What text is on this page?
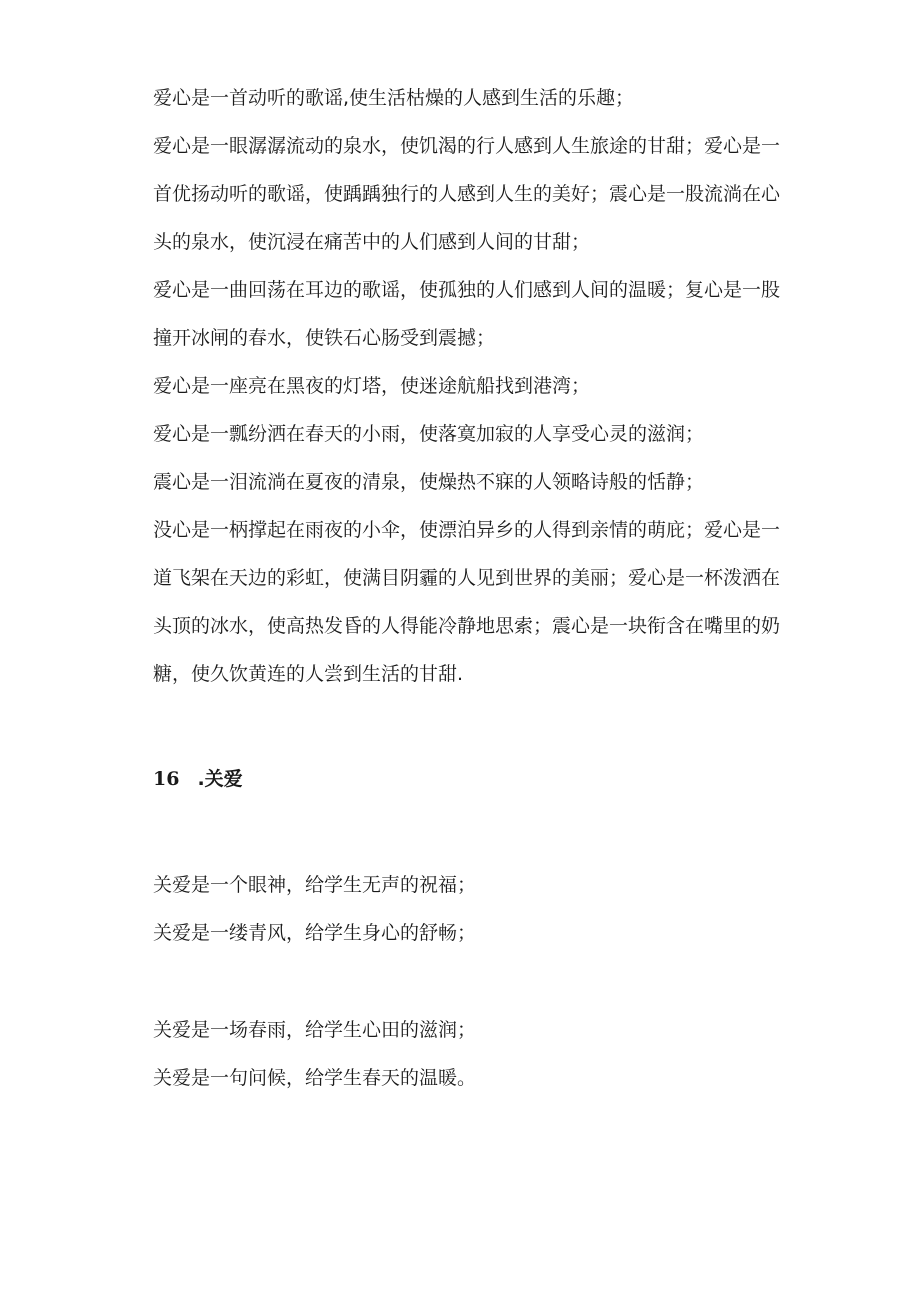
爱心是一首动听的歌谣,使生活枯燥的人感到生活的乐趣；

爱心是一眼潺潺流动的泉水，使饥渴的行人感到人生旅途的甘甜；爱心是一

首优扬动听的歌谣，使踽踽独行的人感到人生的美好；震心是一股流淌在心

头的泉水，使沉浸在痛苦中的人们感到人间的甘甜；

爱心是一曲回荡在耳边的歌谣，使孤独的人们感到人间的温暖；复心是一股

撞开冰闸的春水，使铁石心肠受到震撼；

爱心是一座亮在黑夜的灯塔，使迷途航船找到港湾；

爱心是一瓢纷洒在春天的小雨，使落寞加寂的人享受心灵的滋润；

震心是一泪流淌在夏夜的清泉，使燥热不寐的人领略诗般的恬静；

没心是一柄撑起在雨夜的小伞，使漂泊异乡的人得到亲情的萌庇；爱心是一

道飞架在天边的彩虹，使满目阴霾的人见到世界的美丽；爱心是一杯泼洒在

头顶的冰水，使高热发昏的人得能冷静地思索；震心是一块衔含在嘴里的奶

糖，使久饮黄连的人尝到生活的甘甜.

16 .关爱

关爱是一个眼神，给学生无声的祝福；

关爱是一缕青风，给学生身心的舒畅；

关爱是一场春雨，给学生心田的滋润；

关爱是一句问候，给学生春天的温暖。
